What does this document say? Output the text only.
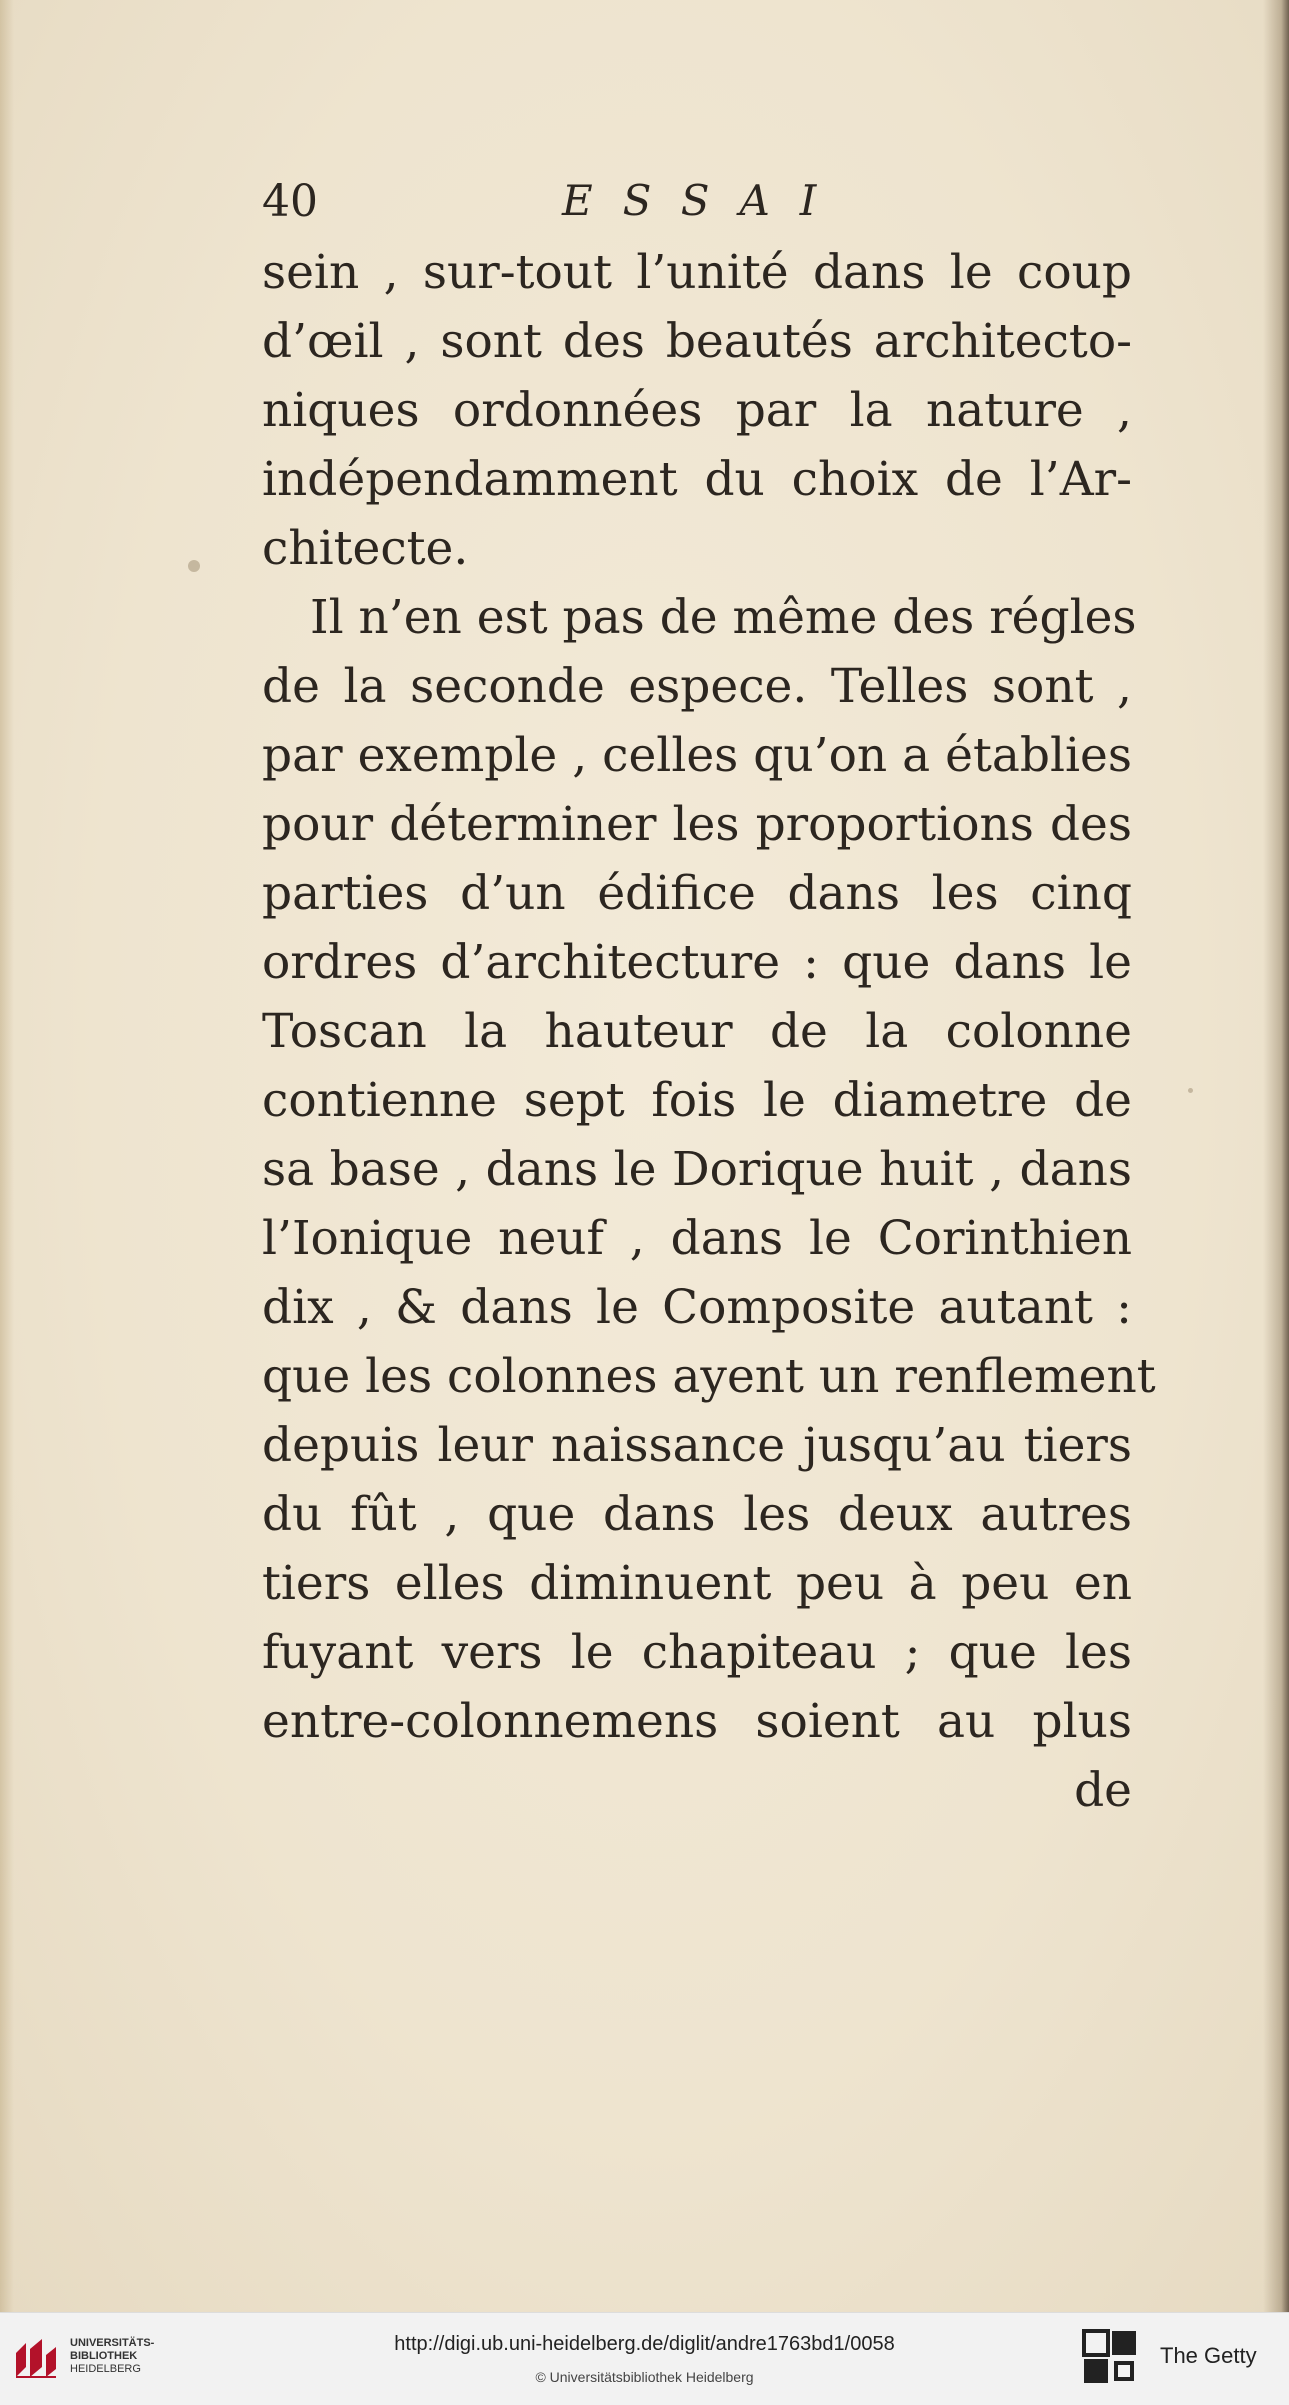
40	ESSAI
sein , sur-tout l’unité dans le coup
d’œil , sont des beautés architecto-
niques ordonnées par la nature ,
indépendamment du choix de l’Ar-
chitecte.
Il n’en est pas de même des régles
de la seconde espece. Telles sont ,
par exemple , celles qu’on a établies
pour déterminer les proportions des
parties d’un édifice dans les cinq
ordres d’architecture : que dans le
Toscan la hauteur de la colonne
contienne sept fois le diametre de
sa base , dans le Dorique huit , dans
l’Ionique neuf , dans le Corinthien
dix , & dans le Composite autant :
que les colonnes ayent un renflement
depuis leur naissance jusqu’au tiers
du fût , que dans les deux autres
tiers elles diminuent peu à peu en
fuyant vers le chapiteau ; que les
entre-colonnemens soient au plus
de
UNIVERSITÄTS-
BIBLIOTHEK
HEIDELBERG
http://digi.ub.uni-heidelberg.de/diglit/andre1763bd1/0058
© Universitätsbibliothek Heidelberg
The Getty
